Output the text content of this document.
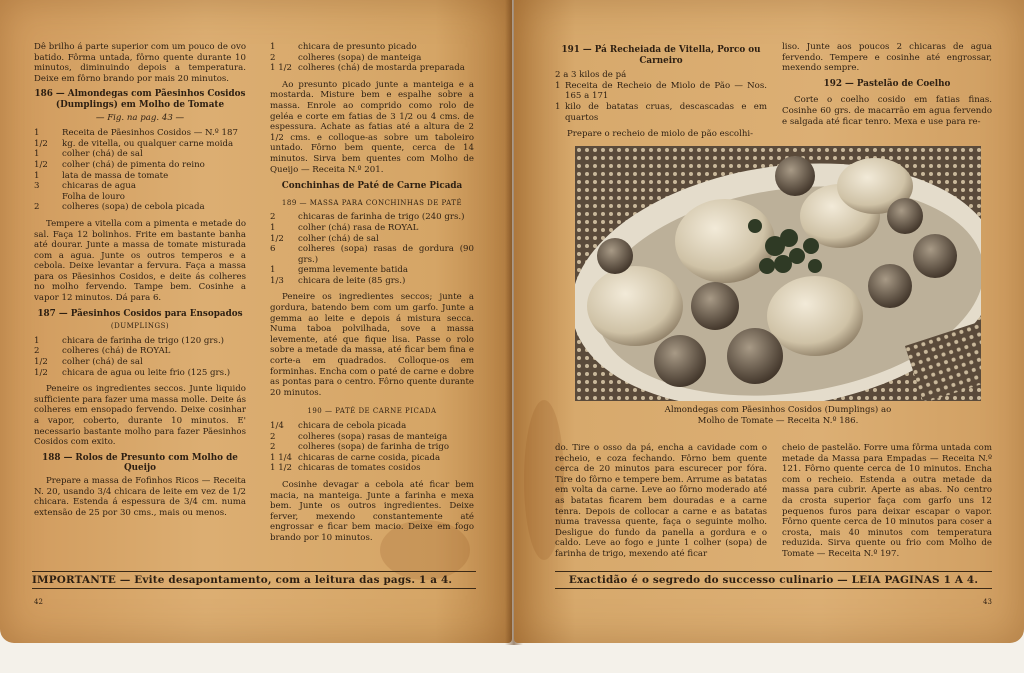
Dê brilho á parte superior com um pouco de ovo batido. Fôrma untada, fôrno quente durante 10 minutos, diminuindo depois a temperatura. Deixe em fôrno brando por mais 20 minutos.

186 — Almondegas com Pãesinhos Cosidos (Dumplings) em Molho de Tomate
— Fig. na pag. 43 —
1	Receita de Pãesinhos Cosidos — N.º 187
1/2	kg. de vitella, ou qualquer carne moida
1	colher (chá) de sal
1/2	colher (chá) de pimenta do reino
1	lata de massa de tomate
3	chicaras de agua
Folha de louro
2	colheres (sopa) de cebola picada

Tempere a vitella com a pimenta e metade do sal. Faça 12 bolinhos. Frite em bastante banha até dourar. Junte a massa de tomate misturada com a agua. Junte os outros temperos e a cebola. Deixe levantar a fervura. Faça a massa para os Pãesinhos Cosidos, e deite ás colheres no molho fervendo. Tampe bem. Cosinhe a vapor 12 minutos. Dá para 6.

187 — Pãesinhos Cosidos para Ensopados
(DUMPLINGS)
1	chicara de farinha de trigo (120 grs.)
2	colheres (chá) de ROYAL
1/2	colher (chá) de sal
1/2	chicara de agua ou leite frio (125 grs.)

Peneire os ingredientes seccos. Junte liquido sufficiente para fazer uma massa molle. Deite ás colheres em ensopado fervendo. Deixe cosinhar a vapor, coberto, durante 10 minutos. E' necessario bastante molho para fazer Pãesinhos Cosidos com exito.

188 — Rolos de Presunto com Molho de Queijo

Prepare a massa de Fofinhos Ricos — Receita N. 20, usando 3/4 chicara de leite em vez de 1/2 chicara. Estenda á espessura de 3/4 cm. numa extensão de 25 por 30 cms., mais ou menos.

1	chicara de presunto picado
2	colheres (sopa) de manteiga
1 1/2 colheres (chá) de mostarda preparada

Ao presunto picado junte a manteiga e a mostarda. Misture bem e espalhe sobre a massa. Enrole ao comprido como rolo de geléa e corte em fatias de 3 1/2 ou 4 cms. de espessura. Achate as fatias até a altura de 2 1/2 cms. e colloque-as sobre um taboleiro untado. Fôrno bem quente, cerca de 14 minutos. Sirva bem quentes com Molho de Queijo — Receita N.º 201.

Conchinhas de Paté de Carne Picada
189 — MASSA PARA CONCHINHAS DE PATÉ
2	chicaras de farinha de trigo (240 grs.)
1	colher (chá) rasa de ROYAL
1/2	colher (chá) de sal
6	colheres (sopa) rasas de gordura (90 grs.)
1	gemma levemente batida
1/3	chicara de leite (85 grs.)

Peneire os ingredientes seccos; junte a gordura, batendo bem com um garfo. Junte a gemma ao leite e depois á mistura secca. Numa taboa polvilhada, sove a massa levemente, até que fique lisa. Passe o rolo sobre a metade da massa, até ficar bem fina e corte-a em quadrados. Colloque-os em forminhas. Encha com o paté de carne e dobre as pontas para o centro. Fôrno quente durante 20 minutos.

190 — PATÉ DE CARNE PICADA
1/4	chicara de cebola picada
2	colheres (sopa) rasas de manteiga
2	colheres (sopa) de farinha de trigo
1 1/4 chicaras de carne cosida, picada
1 1/2 chicaras de tomates cosidos

Cosinhe devagar a cebola até ficar bem macia, na manteiga. Junte a farinha e mexa bem. Junte os outros ingredientes. Deixe ferver, mexendo constantemente até engrossar e ficar bem macio. Deixe em fogo brando por 10 minutos.

IMPORTANTE — Evite desapontamento, com a leitura das pags. 1 a 4.
42
191 — Pá Recheiada de Vitella, Porco ou Carneiro
2 a 3 kilos de pá
1 Receita de Recheio de Miolo de Pão — Nos. 165 a 171
1 kilo de batatas cruas, descascadas e em quartos

Prepare o recheio de miolo de pão escolhi-

liso. Junte aos poucos 2 chicaras de agua fervendo. Tempere e cosinhe até engrossar, mexendo sempre.

192 — Pastelão de Coelho

Corte o coelho cosido em fatias finas. Cosinhe 60 grs. de macarrão em agua fervendo e salgada até ficar tenro. Mexa e use para re-

Almondegas com Pãesinhos Cosidos (Dumplings) ao
Molho de Tomate — Receita N.º 186.

do. Tire o osso da pá, encha a cavidade com o recheio, e coza fechando. Fôrno bem quente cerca de 20 minutos para escurecer por fóra. Tire do fôrno e tempere bem. Arrume as batatas em volta da carne. Leve ao fôrno moderado até as batatas ficarem bem douradas e a carne tenra. Depois de collocar a carne e as batatas numa travessa quente, faça o seguinte molho. Desligue do fundo da panella a gordura e o caldo. Leve ao fogo e junte 1 colher (sopa) de farinha de trigo, mexendo até ficar

cheio de pastelão. Forre uma fôrma untada com metade da Massa para Empadas — Receita N.º 121. Fôrno quente cerca de 10 minutos. Encha com o recheio. Estenda a outra metade da massa para cubrir. Aperte as abas. No centro da crosta superior faça com garfo uns 12 pequenos furos para deixar escapar o vapor. Fôrno quente cerca de 10 minutos para coser a crosta, mais 40 minutos com temperatura reduzida. Sirva quente ou frio com Molho de Tomate — Receita N.º 197.

Exactidão é o segredo do successo culinario — LEIA PAGINAS 1 A 4.
43
